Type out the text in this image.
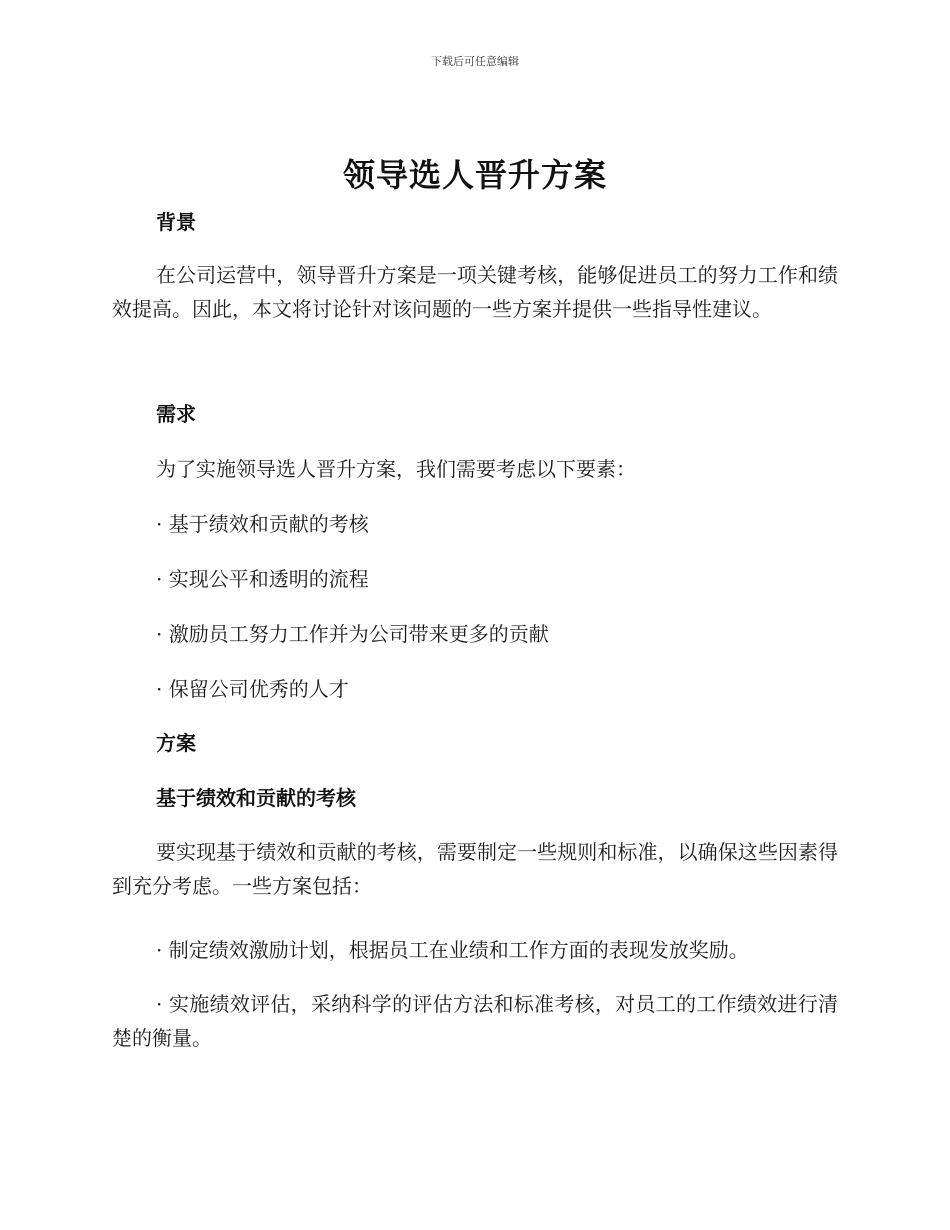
下载后可任意编辑
领导选人晋升方案
背景
在公司运营中，领导晋升方案是一项关键考核，能够促进员工的努力工作和绩效提高。因此，本文将讨论针对该问题的一些方案并提供一些指导性建议。
需求
为了实施领导选人晋升方案，我们需要考虑以下要素：
· 基于绩效和贡献的考核
· 实现公平和透明的流程
· 激励员工努力工作并为公司带来更多的贡献
· 保留公司优秀的人才
方案
基于绩效和贡献的考核
要实现基于绩效和贡献的考核，需要制定一些规则和标准，以确保这些因素得到充分考虑。一些方案包括：
· 制定绩效激励计划，根据员工在业绩和工作方面的表现发放奖励。
· 实施绩效评估，采纳科学的评估方法和标准考核，对员工的工作绩效进行清楚的衡量。
